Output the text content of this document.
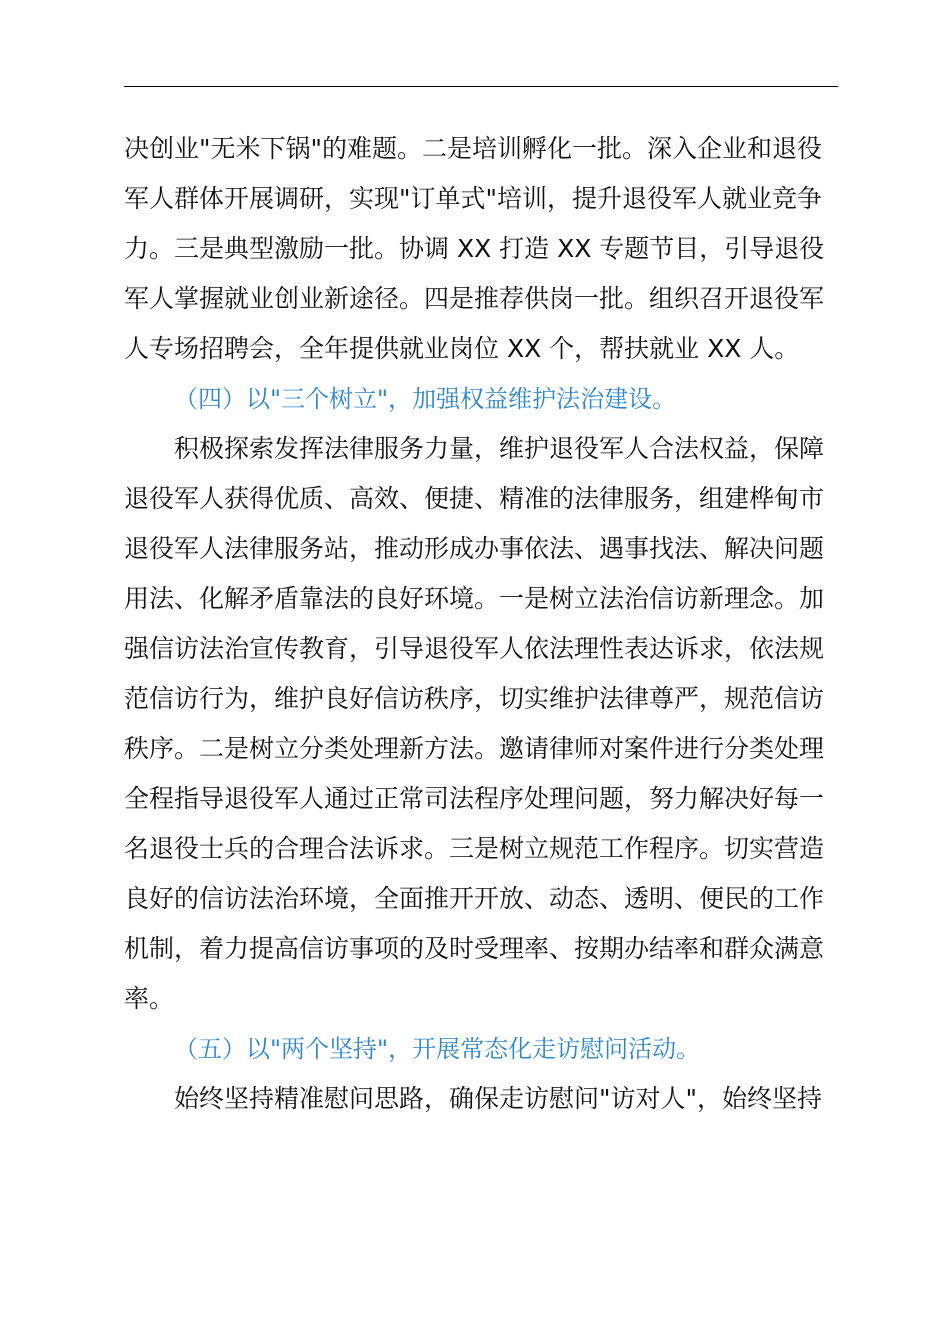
决创业"无米下锅"的难题。二是培训孵化一批。深入企业和退役
军人群体开展调研，实现"订单式"培训，提升退役军人就业竞争
力。三是典型激励一批。协调 XX 打造 XX 专题节目，引导退役
军人掌握就业创业新途径。四是推荐供岗一批。组织召开退役军
人专场招聘会，全年提供就业岗位 XX 个，帮扶就业 XX 人。
（四）以"三个树立"，加强权益维护法治建设。
积极探索发挥法律服务力量，维护退役军人合法权益，保障
退役军人获得优质、高效、便捷、精准的法律服务，组建桦甸市
退役军人法律服务站，推动形成办事依法、遇事找法、解决问题
用法、化解矛盾靠法的良好环境。一是树立法治信访新理念。加
强信访法治宣传教育，引导退役军人依法理性表达诉求，依法规
范信访行为，维护良好信访秩序，切实维护法律尊严，规范信访
秩序。二是树立分类处理新方法。邀请律师对案件进行分类处理
全程指导退役军人通过正常司法程序处理问题，努力解决好每一
名退役士兵的合理合法诉求。三是树立规范工作程序。切实营造
良好的信访法治环境，全面推开开放、动态、透明、便民的工作
机制，着力提高信访事项的及时受理率、按期办结率和群众满意
率。
（五）以"两个坚持"，开展常态化走访慰问活动。
始终坚持精准慰问思路，确保走访慰问"访对人"，始终坚持
